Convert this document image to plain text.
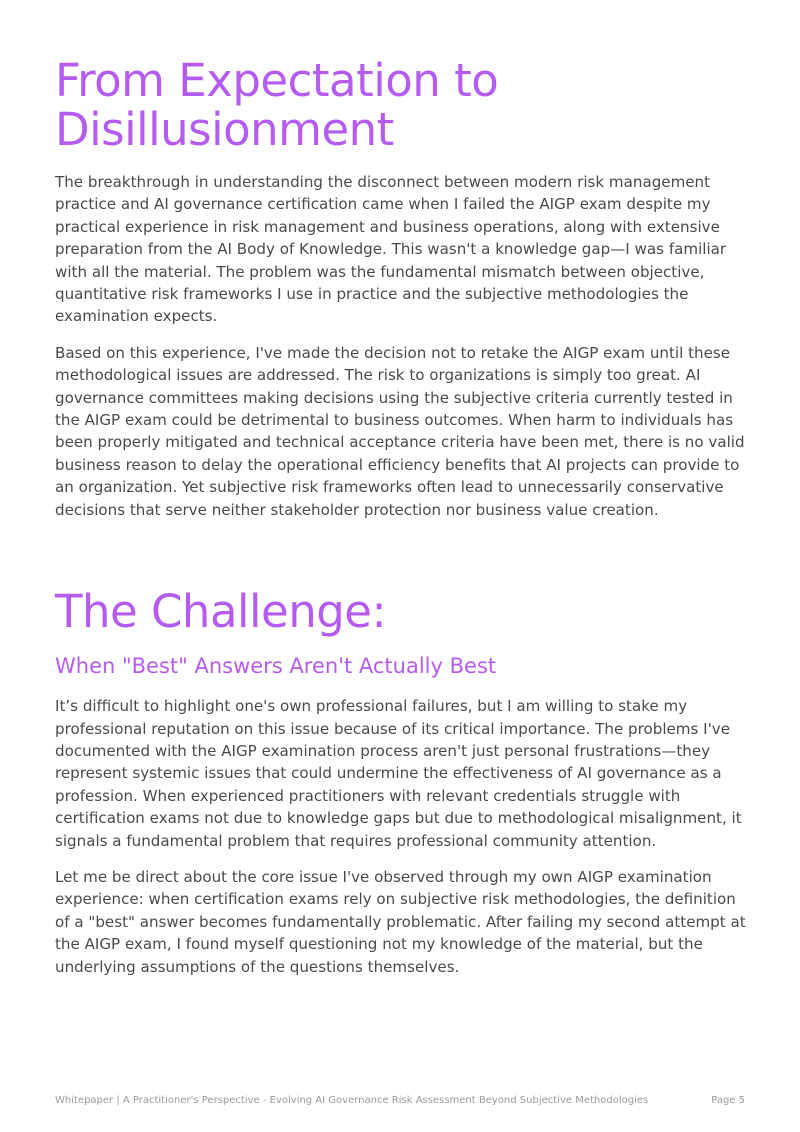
From Expectation to Disillusionment

The breakthrough in understanding the disconnect between modern risk management practice and AI governance certification came when I failed the AIGP exam despite my practical experience in risk management and business operations, along with extensive preparation from the AI Body of Knowledge. This wasn't a knowledge gap—I was familiar with all the material. The problem was the fundamental mismatch between objective, quantitative risk frameworks I use in practice and the subjective methodologies the examination expects.

Based on this experience, I've made the decision not to retake the AIGP exam until these methodological issues are addressed. The risk to organizations is simply too great. AI governance committees making decisions using the subjective criteria currently tested in the AIGP exam could be detrimental to business outcomes. When harm to individuals has been properly mitigated and technical acceptance criteria have been met, there is no valid business reason to delay the operational efficiency benefits that AI projects can provide to an organization. Yet subjective risk frameworks often lead to unnecessarily conservative decisions that serve neither stakeholder protection nor business value creation.

The Challenge:
When "Best" Answers Aren't Actually Best

It’s difficult to highlight one's own professional failures, but I am willing to stake my professional reputation on this issue because of its critical importance. The problems I've documented with the AIGP examination process aren't just personal frustrations—they represent systemic issues that could undermine the effectiveness of AI governance as a profession. When experienced practitioners with relevant credentials struggle with certification exams not due to knowledge gaps but due to methodological misalignment, it signals a fundamental problem that requires professional community attention.

Let me be direct about the core issue I've observed through my own AIGP examination experience: when certification exams rely on subjective risk methodologies, the definition of a "best" answer becomes fundamentally problematic. After failing my second attempt at the AIGP exam, I found myself questioning not my knowledge of the material, but the underlying assumptions of the questions themselves.

Whitepaper | A Practitioner's Perspective - Evolving AI Governance Risk Assessment Beyond Subjective Methodologies	Page 5
